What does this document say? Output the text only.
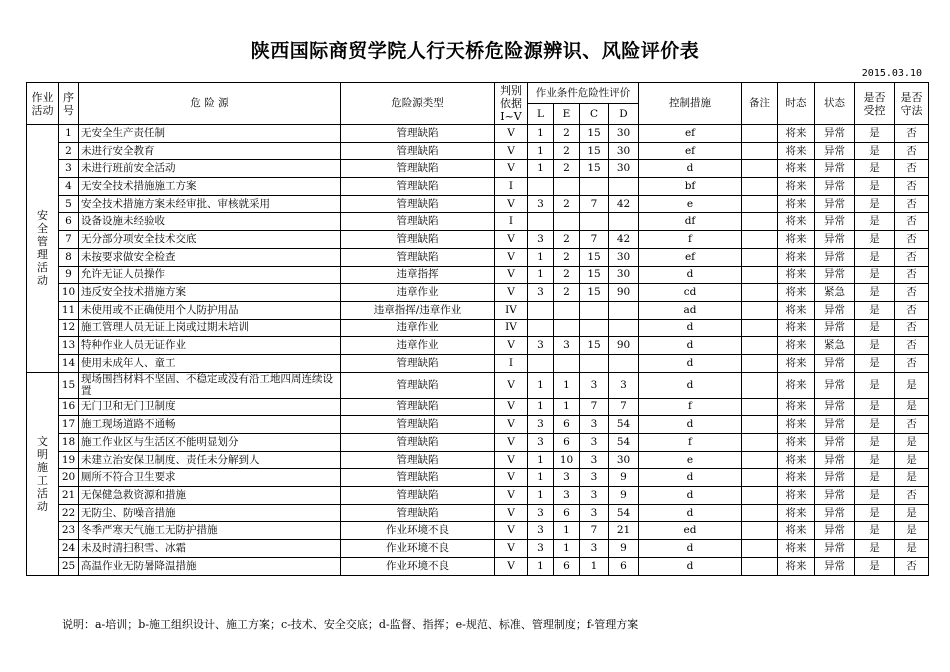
陕西国际商贸学院人行天桥危险源辨识、风险评价表
2015.03.10
作业活动	序号	危 险 源	危险源类型	判别依据Ⅰ~Ⅴ	作业条件危险性评价				控制措施	备注	时态	状态	是否受控	是否守法
					L	E	C	D						
安全管理活动	1	无安全生产责任制	管理缺陷	V	1	2	15	30	ef		将来	异常	是	否
	2	未进行安全教育	管理缺陷	V	1	2	15	30	ef		将来	异常	是	否
	3	未进行班前安全活动	管理缺陷	V	1	2	15	30	d		将来	异常	是	否
	4	无安全技术措施施工方案	管理缺陷	I					bf		将来	异常	是	否
	5	安全技术措施方案未经审批、审核就采用	管理缺陷	V	3	2	7	42	e		将来	异常	是	否
	6	设备设施未经验收	管理缺陷	I					df		将来	异常	是	否
	7	无分部分项安全技术交底	管理缺陷	V	3	2	7	42	f		将来	异常	是	否
	8	未按要求做安全检查	管理缺陷	V	1	2	15	30	ef		将来	异常	是	否
	9	允许无证人员操作	违章指挥	V	1	2	15	30	d		将来	异常	是	否
	10	违反安全技术措施方案	违章作业	V	3	2	15	90	cd		将来	紧急	是	否
	11	未使用或不正确使用个人防护用品	违章指挥/违章作业	IV					ad		将来	异常	是	否
	12	施工管理人员无证上岗或过期未培训	违章作业	IV					d		将来	异常	是	否
	13	特种作业人员无证作业	违章作业	V	3	3	15	90	d		将来	紧急	是	否
	14	使用未成年人、童工	管理缺陷	I					d		将来	异常	是	否
文明施工活动	15	现场围挡材料不坚固、不稳定或没有沿工地四周连续设置	管理缺陷	V	1	1	3	3	d		将来	异常	是	是
	16	无门卫和无门卫制度	管理缺陷	V	1	1	7	7	f		将来	异常	是	是
	17	施工现场道路不通畅	管理缺陷	V	3	6	3	54	d		将来	异常	是	否
	18	施工作业区与生活区不能明显划分	管理缺陷	V	3	6	3	54	f		将来	异常	是	是
	19	未建立治安保卫制度、责任未分解到人	管理缺陷	V	1	10	3	30	e		将来	异常	是	是
	20	厕所不符合卫生要求	管理缺陷	V	1	3	3	9	d		将来	异常	是	是
	21	无保健急救资源和措施	管理缺陷	V	1	3	3	9	d		将来	异常	是	否
	22	无防尘、防噪音措施	管理缺陷	V	3	6	3	54	d		将来	异常	是	是
	23	冬季严寒天气施工无防护措施	作业环境不良	V	3	1	7	21	ed		将来	异常	是	是
	24	未及时清扫积雪、冰霜	作业环境不良	V	3	1	3	9	d		将来	异常	是	是
	25	高温作业无防暑降温措施	作业环境不良	V	1	6	1	6	d		将来	异常	是	否
说明：a-培训；b-施工组织设计、施工方案；c-技术、安全交底；d-监督、指挥；e-规范、标准、管理制度；f-管理方案
